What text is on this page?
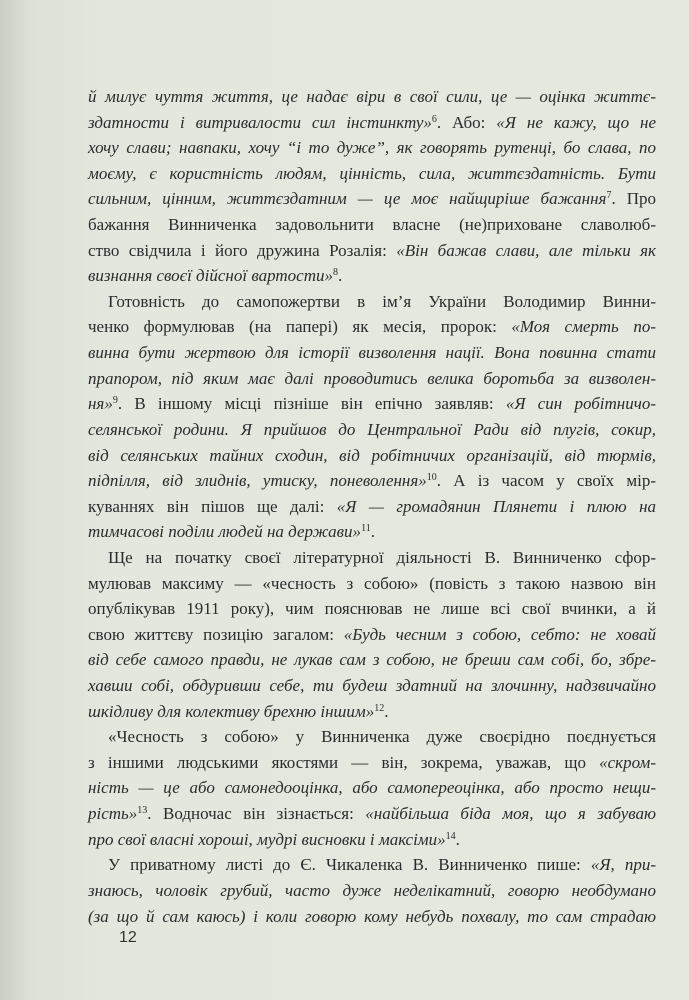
й милує чуття життя, це надає віри в свої сили, це — оцінка життє-
здатности і витривалости сил інстинкту»$^6$. Або: «Я не кажу, що не
хочу слави; навпаки, хочу “і то дуже”, як говорять рутенці, бо слава, по
моєму, є користність людям, цінність, сила, життєздатність. Бути
сильним, цінним, життєздатним — це моє найщиріше бажання$^7$. Про
бажання Винниченка задовольнити власне (не)приховане славолюб-
ство свідчила і його дружина Розалія: «Він бажав слави, але тільки як
визнання своєї дійсної вартости»$^8$.
Готовність до самопожертви в ім’я України Володимир Винни-
ченко формулював (на папері) як месія, пророк: «Моя смерть по-
винна бути жертвою для історії визволення нації. Вона повинна стати
прапором, під яким має далі проводитись велика боротьба за визволен-
ня»$^9$. В іншому місці пізніше він епічно заявляв: «Я син робітничо-
селянської родини. Я прийшов до Центральної Ради від плугів, сокир,
від селянських тайних сходин, від робітничих організацій, від тюрмів,
підпілля, від злиднів, утиску, поневолення»$^{10}$. А із часом у своїх мір-
куваннях він пішов ще далі: «Я — громадянин Плянети і плюю на
тимчасові поділи людей на держави»$^{11}$.
Ще на початку своєї літературної діяльності В. Винниченко сфор-
мулював максиму — «чесность з собою» (повість з такою назвою він
опублікував 1911 року), чим пояснював не лише всі свої вчинки, а й
свою життєву позицію загалом: «Будь чесним з собою, себто: не ховай
від себе самого правди, не лукав сам з собою, не бреши сам собі, бо, збре-
хавши собі, обдуривши себе, ти будеш здатний на злочинну, надзвичайно
шкідливу для колективу брехню іншим»$^{12}$.
«Чесность з собою» у Винниченка дуже своєрідно поєднується
з іншими людськими якостями — він, зокрема, уважав, що «скром-
ність — це або самонедооцінка, або самопереоцінка, або просто нещи-
рість»$^{13}$. Водночас він зізнається: «найбільша біда моя, що я забуваю
про свої власні хороші, мудрі висновки і максіми»$^{14}$.
У приватному листі до Є. Чикаленка В. Винниченко пише: «Я, при-
знаюсь, чоловік грубий, часто дуже неделікатний, говорю необдумано
(за що й сам каюсь) і коли говорю кому небудь похвалу, то сам страдаю
12
